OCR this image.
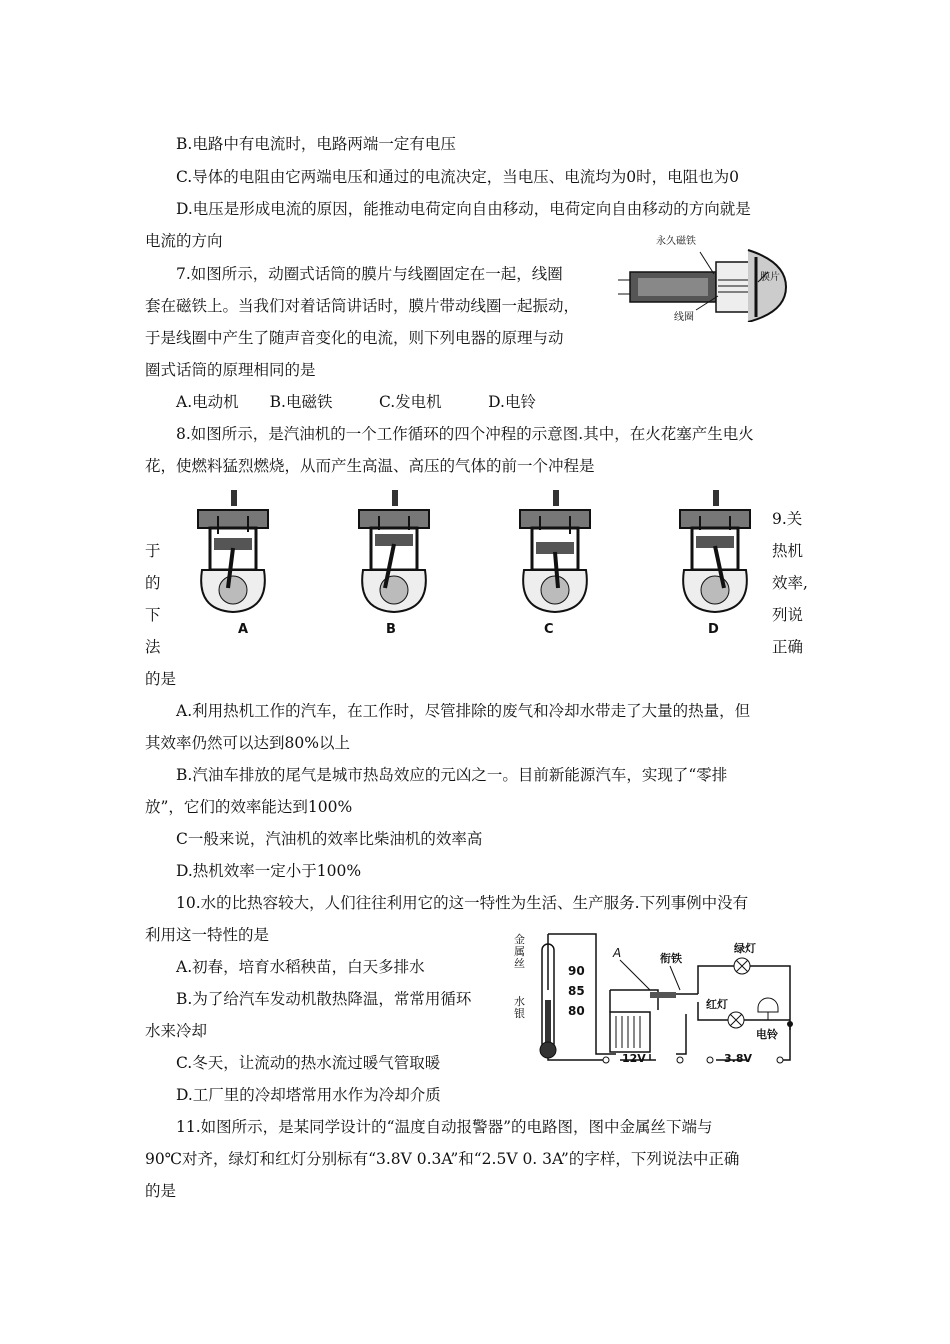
B.电路中有电流时，电路两端一定有电压
C.导体的电阻由它两端电压和通过的电流决定，当电压、电流均为0时，电阻也为0
D.电压是形成电流的原因，能推动电荷定向自由移动，电荷定向自由移动的方向就是
电流的方向
7.如图所示，动圈式话筒的膜片与线圈固定在一起，线圈
套在磁铁上。当我们对着话筒讲话时，膜片带动线圈一起振动，
于是线圈中产生了随声音变化的电流，则下列电器的原理与动
圈式话筒的原理相同的是
A.电动机　　B.电磁铁　　　C.发电机　　　D.电铃
永久磁铁
膜片
线圈
8.如图所示，是汽油机的一个工作循环的四个冲程的示意图.其中，在火花塞产生电火
花，使燃料猛烈燃烧，从而产生高温、高压的气体的前一个冲程是
于
的
下
法
9.关
热机
效率,
列说
正确
A	B	C	D
的是
A.利用热机工作的汽车，在工作时，尽管排除的废气和冷却水带走了大量的热量，但
其效率仍然可以达到80%以上
B.汽油车排放的尾气是城市热岛效应的元凶之一。目前新能源汽车，实现了“零排
放”，它们的效率能达到100%
C一般来说，汽油机的效率比柴油机的效率高
D.热机效率一定小于100%
10.水的比热容较大，人们往往利用它的这一特性为生活、生产服务.下列事例中没有
利用这一特性的是
A.初春，培育水稻秧苗，白天多排水
B.为了给汽车发动机散热降温，常常用循环
水来冷却
C.冬天，让流动的热水流过暖气管取暖
D.工厂里的冷却塔常用水作为冷却介质
金属丝
水银
90
85
80
A	衔铁
绿灯
红灯
电铃
12V	3.8V
11.如图所示，是某同学设计的“温度自动报警器”的电路图，图中金属丝下端与
90℃对齐，绿灯和红灯分别标有“3.8V 0.3A”和“2.5V 0. 3A”的字样，下列说法中正确
的是
